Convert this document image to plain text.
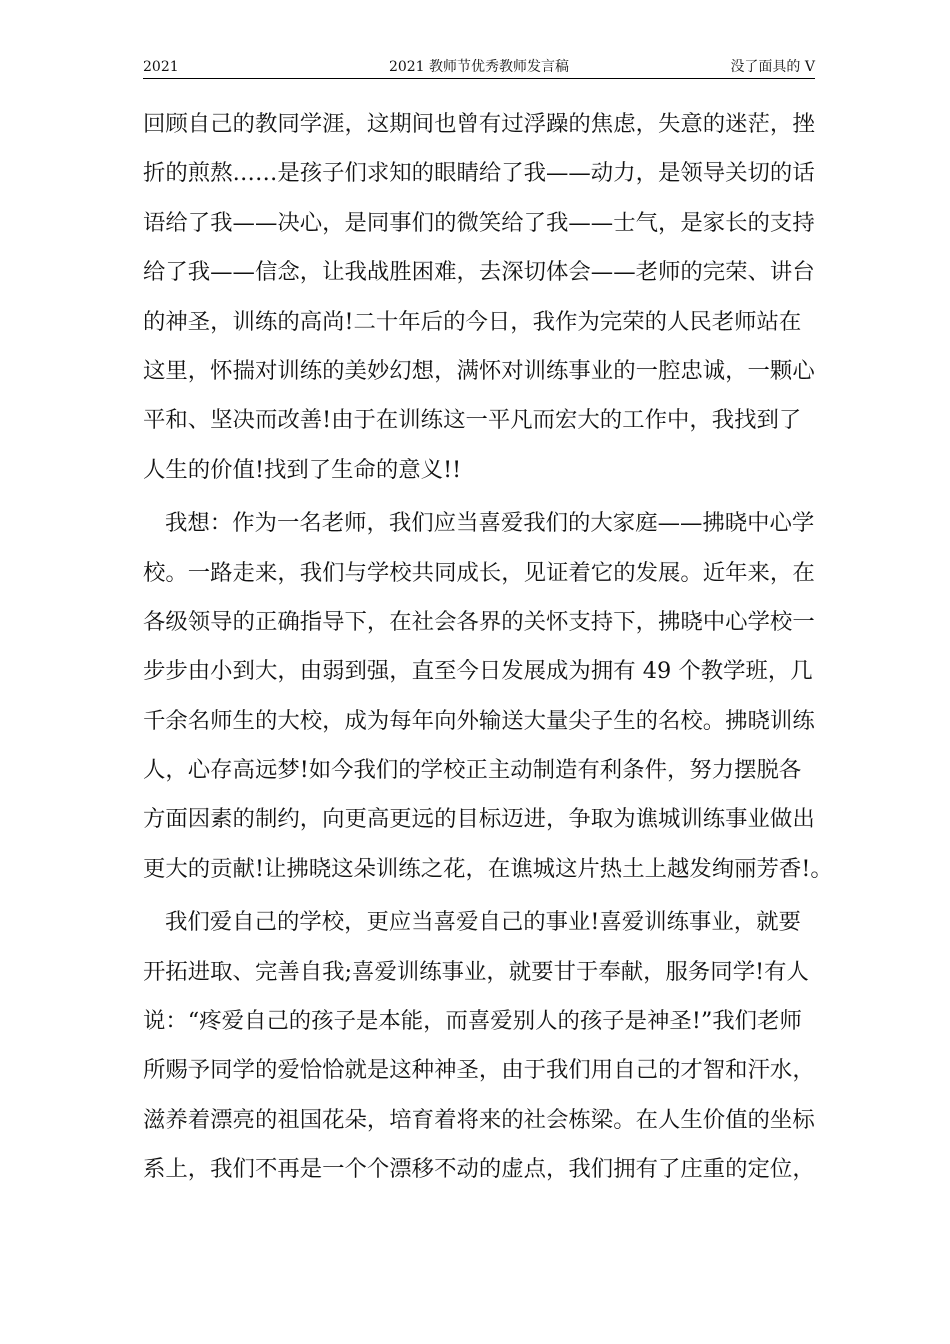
2021	2021 教师节优秀教师发言稿	没了面具的 V
回顾自己的教同学涯，这期间也曾有过浮躁的焦虑，失意的迷茫，挫
折的煎熬……是孩子们求知的眼睛给了我——动力，是领导关切的话
语给了我——决心，是同事们的微笑给了我——士气，是家长的支持
给了我——信念，让我战胜困难，去深切体会——老师的完荣、讲台
的神圣，训练的高尚!二十年后的今日，我作为完荣的人民老师站在
这里，怀揣对训练的美妙幻想，满怀对训练事业的一腔忠诚，一颗心
平和、坚决而改善!由于在训练这一平凡而宏大的工作中，我找到了
人生的价值!找到了生命的意义!!
我想：作为一名老师，我们应当喜爱我们的大家庭——拂晓中心学
校。一路走来，我们与学校共同成长，见证着它的发展。近年来，在
各级领导的正确指导下，在社会各界的关怀支持下，拂晓中心学校一
步步由小到大，由弱到强，直至今日发展成为拥有 49 个教学班，几
千余名师生的大校，成为每年向外输送大量尖子生的名校。拂晓训练
人，心存高远梦!如今我们的学校正主动制造有利条件，努力摆脱各
方面因素的制约，向更高更远的目标迈进，争取为谯城训练事业做出
更大的贡献!让拂晓这朵训练之花，在谯城这片热土上越发绚丽芳香!。
我们爱自己的学校，更应当喜爱自己的事业!喜爱训练事业，就要
开拓进取、完善自我;喜爱训练事业，就要甘于奉献，服务同学!有人
说：“疼爱自己的孩子是本能，而喜爱别人的孩子是神圣!”我们老师
所赐予同学的爱恰恰就是这种神圣，由于我们用自己的才智和汗水，
滋养着漂亮的祖国花朵，培育着将来的社会栋梁。在人生价值的坐标
系上，我们不再是一个个漂移不动的虚点，我们拥有了庄重的定位，
